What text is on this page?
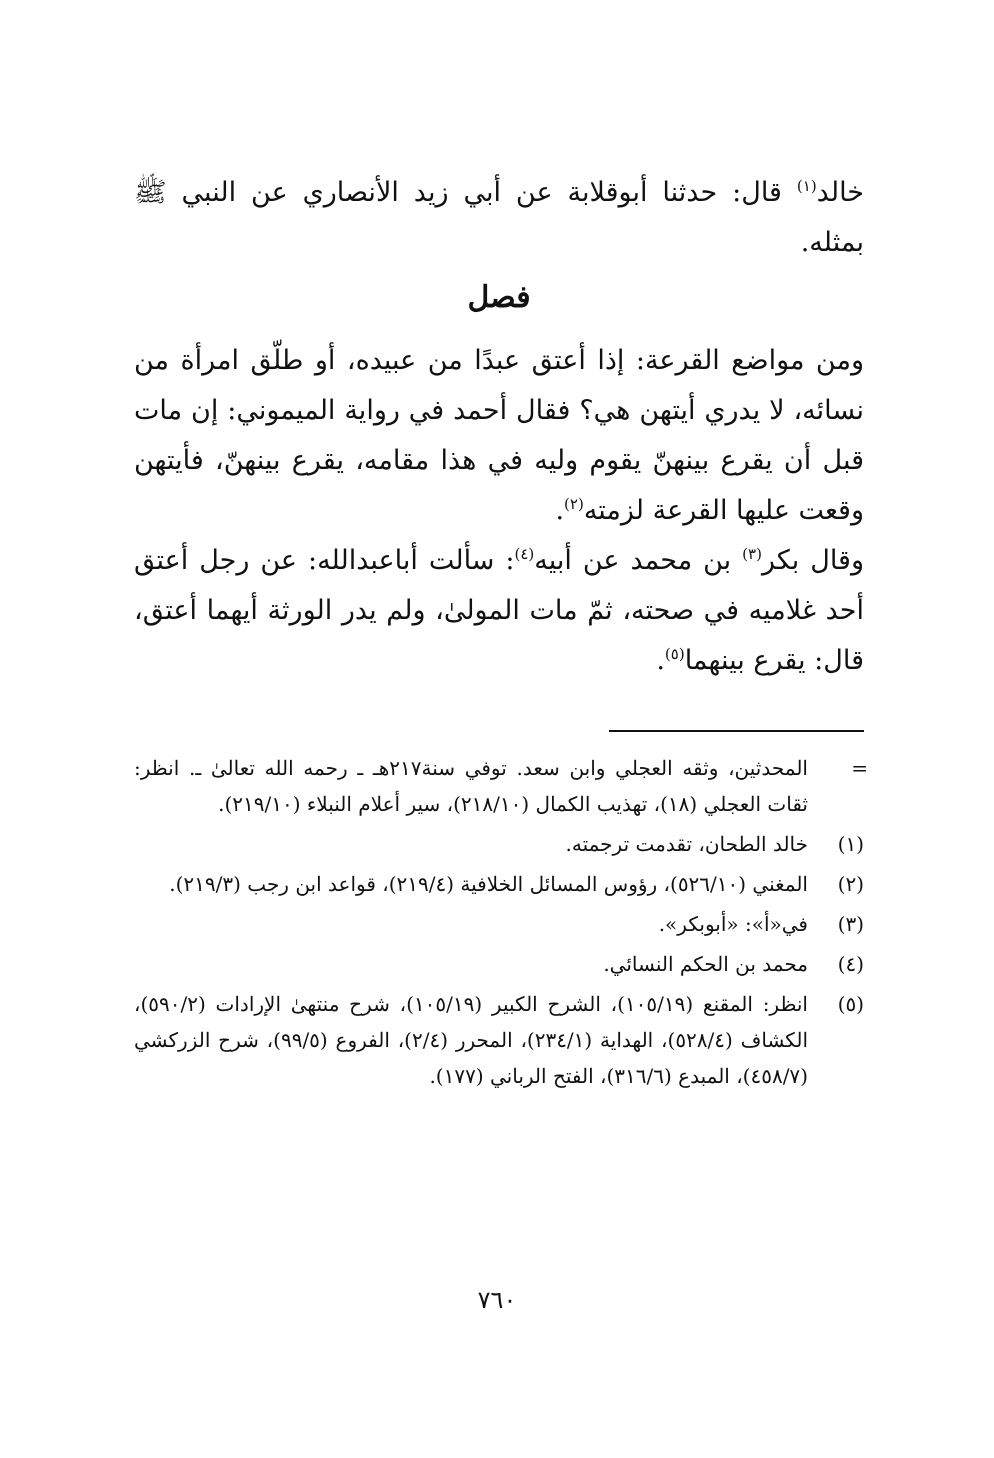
خالد$^{(١)}$ قال: حدثنا أبوقلابة عن أبي زيد الأنصاري عن النبي ﷺ بمثله.

فصل

ومن مواضع القرعة: إذا أعتق عبدًا من عبيده، أو طلّق امرأة من نسائه، لا يدري أيتهن هي؟ فقال أحمد في رواية الميموني: إن مات قبل أن يقرع بينهنّ يقوم وليه في هذا مقامه، يقرع بينهنّ، فأيتهن وقعت عليها القرعة لزمته$^{(٢)}$.

وقال بكر$^{(٣)}$ بن محمد عن أبيه$^{(٤)}$: سألت أباعبدالله: عن رجل أعتق أحد غلاميه في صحته، ثمّ مات المولىٰ، ولم يدر الورثة أيهما أعتق، قال: يقرع بينهما$^{(٥)}$.

=
المحدثين، وثقه العجلي وابن سعد. توفي سنة٢١٧هـ ـ رحمه الله تعالىٰ ـ. انظر: ثقات العجلي (١٨)، تهذيب الكمال (٢١٨/١٠)، سير أعلام النبلاء (٢١٩/١٠).
(١)
خالد الطحان، تقدمت ترجمته.
(٢)
المغني (٥٢٦/١٠)، رؤوس المسائل الخلافية (٢١٩/٤)، قواعد ابن رجب (٢١٩/٣).
(٣)
في«أ»: «أبوبكر».
(٤)
محمد بن الحكم النسائي.
(٥)
انظر: المقنع (١٠٥/١٩)، الشرح الكبير (١٠٥/١٩)، شرح منتهىٰ الإرادات (٥٩٠/٢)، الكشاف (٥٢٨/٤)، الهداية (٢٣٤/١)، المحرر (٢/٤)، الفروع (٩٩/٥)، شرح الزركشي (٤٥٨/٧)، المبدع (٣١٦/٦)، الفتح الرباني (١٧٧).
٧٦٠
